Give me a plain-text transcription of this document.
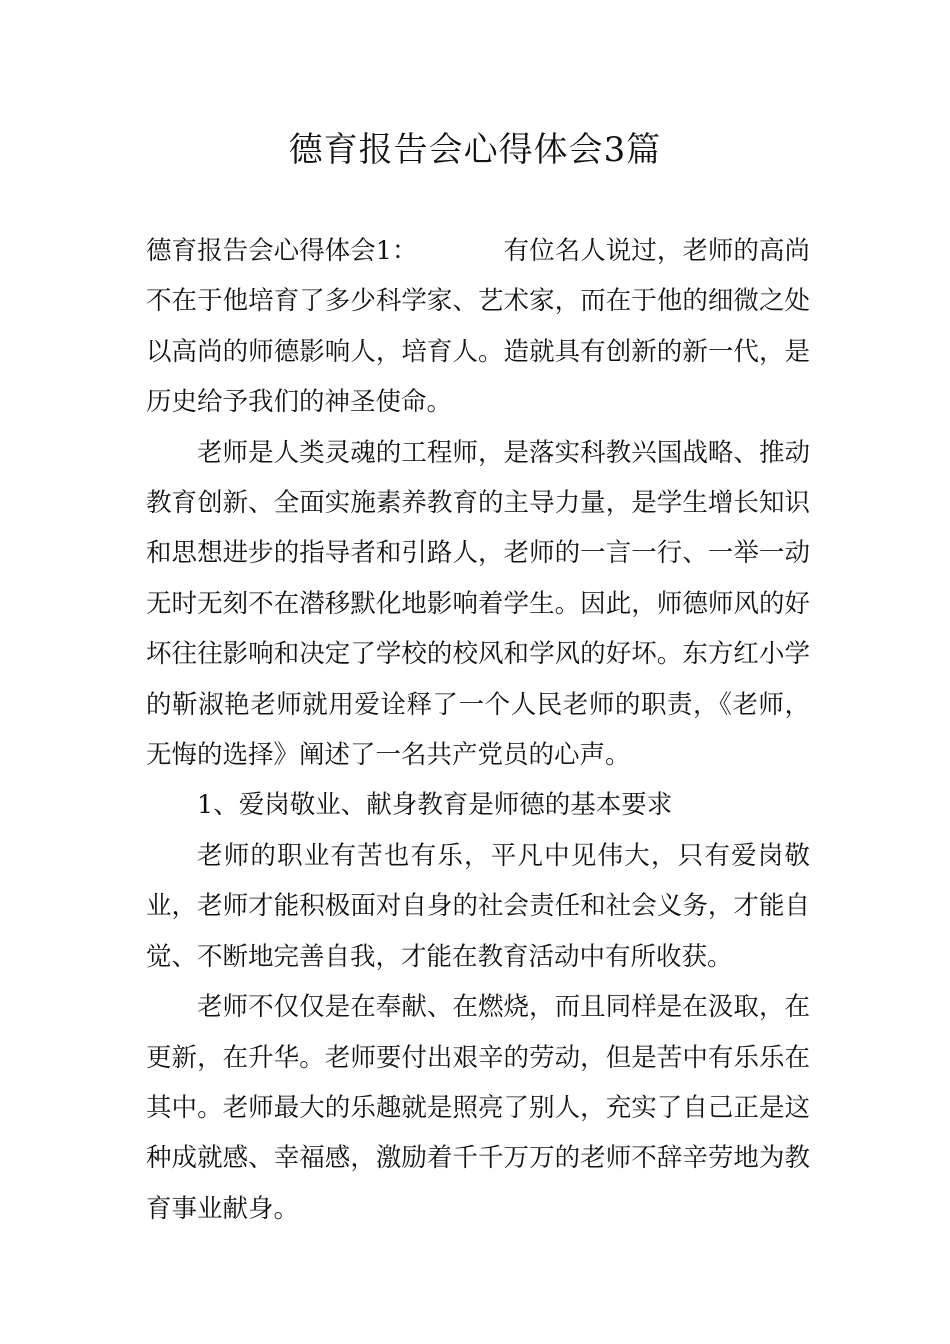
德育报告会心得体会3篇

德育报告会心得体会1：	有位名人说过，老师的高尚不在于他培育了多少科学家、艺术家，而在于他的细微之处以高尚的师德影响人，培育人。造就具有创新的新一代，是历史给予我们的神圣使命。

老师是人类灵魂的工程师，是落实科教兴国战略、推动教育创新、全面实施素养教育的主导力量，是学生增长知识和思想进步的指导者和引路人，老师的一言一行、一举一动无时无刻不在潜移默化地影响着学生。因此，师德师风的好坏往往影响和决定了学校的校风和学风的好坏。东方红小学的靳淑艳老师就用爱诠释了一个人民老师的职责，《老师，无悔的选择》阐述了一名共产党员的心声。

1、爱岗敬业、献身教育是师德的基本要求

老师的职业有苦也有乐，平凡中见伟大，只有爱岗敬业，老师才能积极面对自身的社会责任和社会义务，才能自觉、不断地完善自我，才能在教育活动中有所收获。

老师不仅仅是在奉献、在燃烧，而且同样是在汲取，在更新，在升华。老师要付出艰辛的劳动，但是苦中有乐乐在其中。老师最大的乐趣就是照亮了别人，充实了自己正是这种成就感、幸福感，激励着千千万万的老师不辞辛劳地为教育事业献身。
